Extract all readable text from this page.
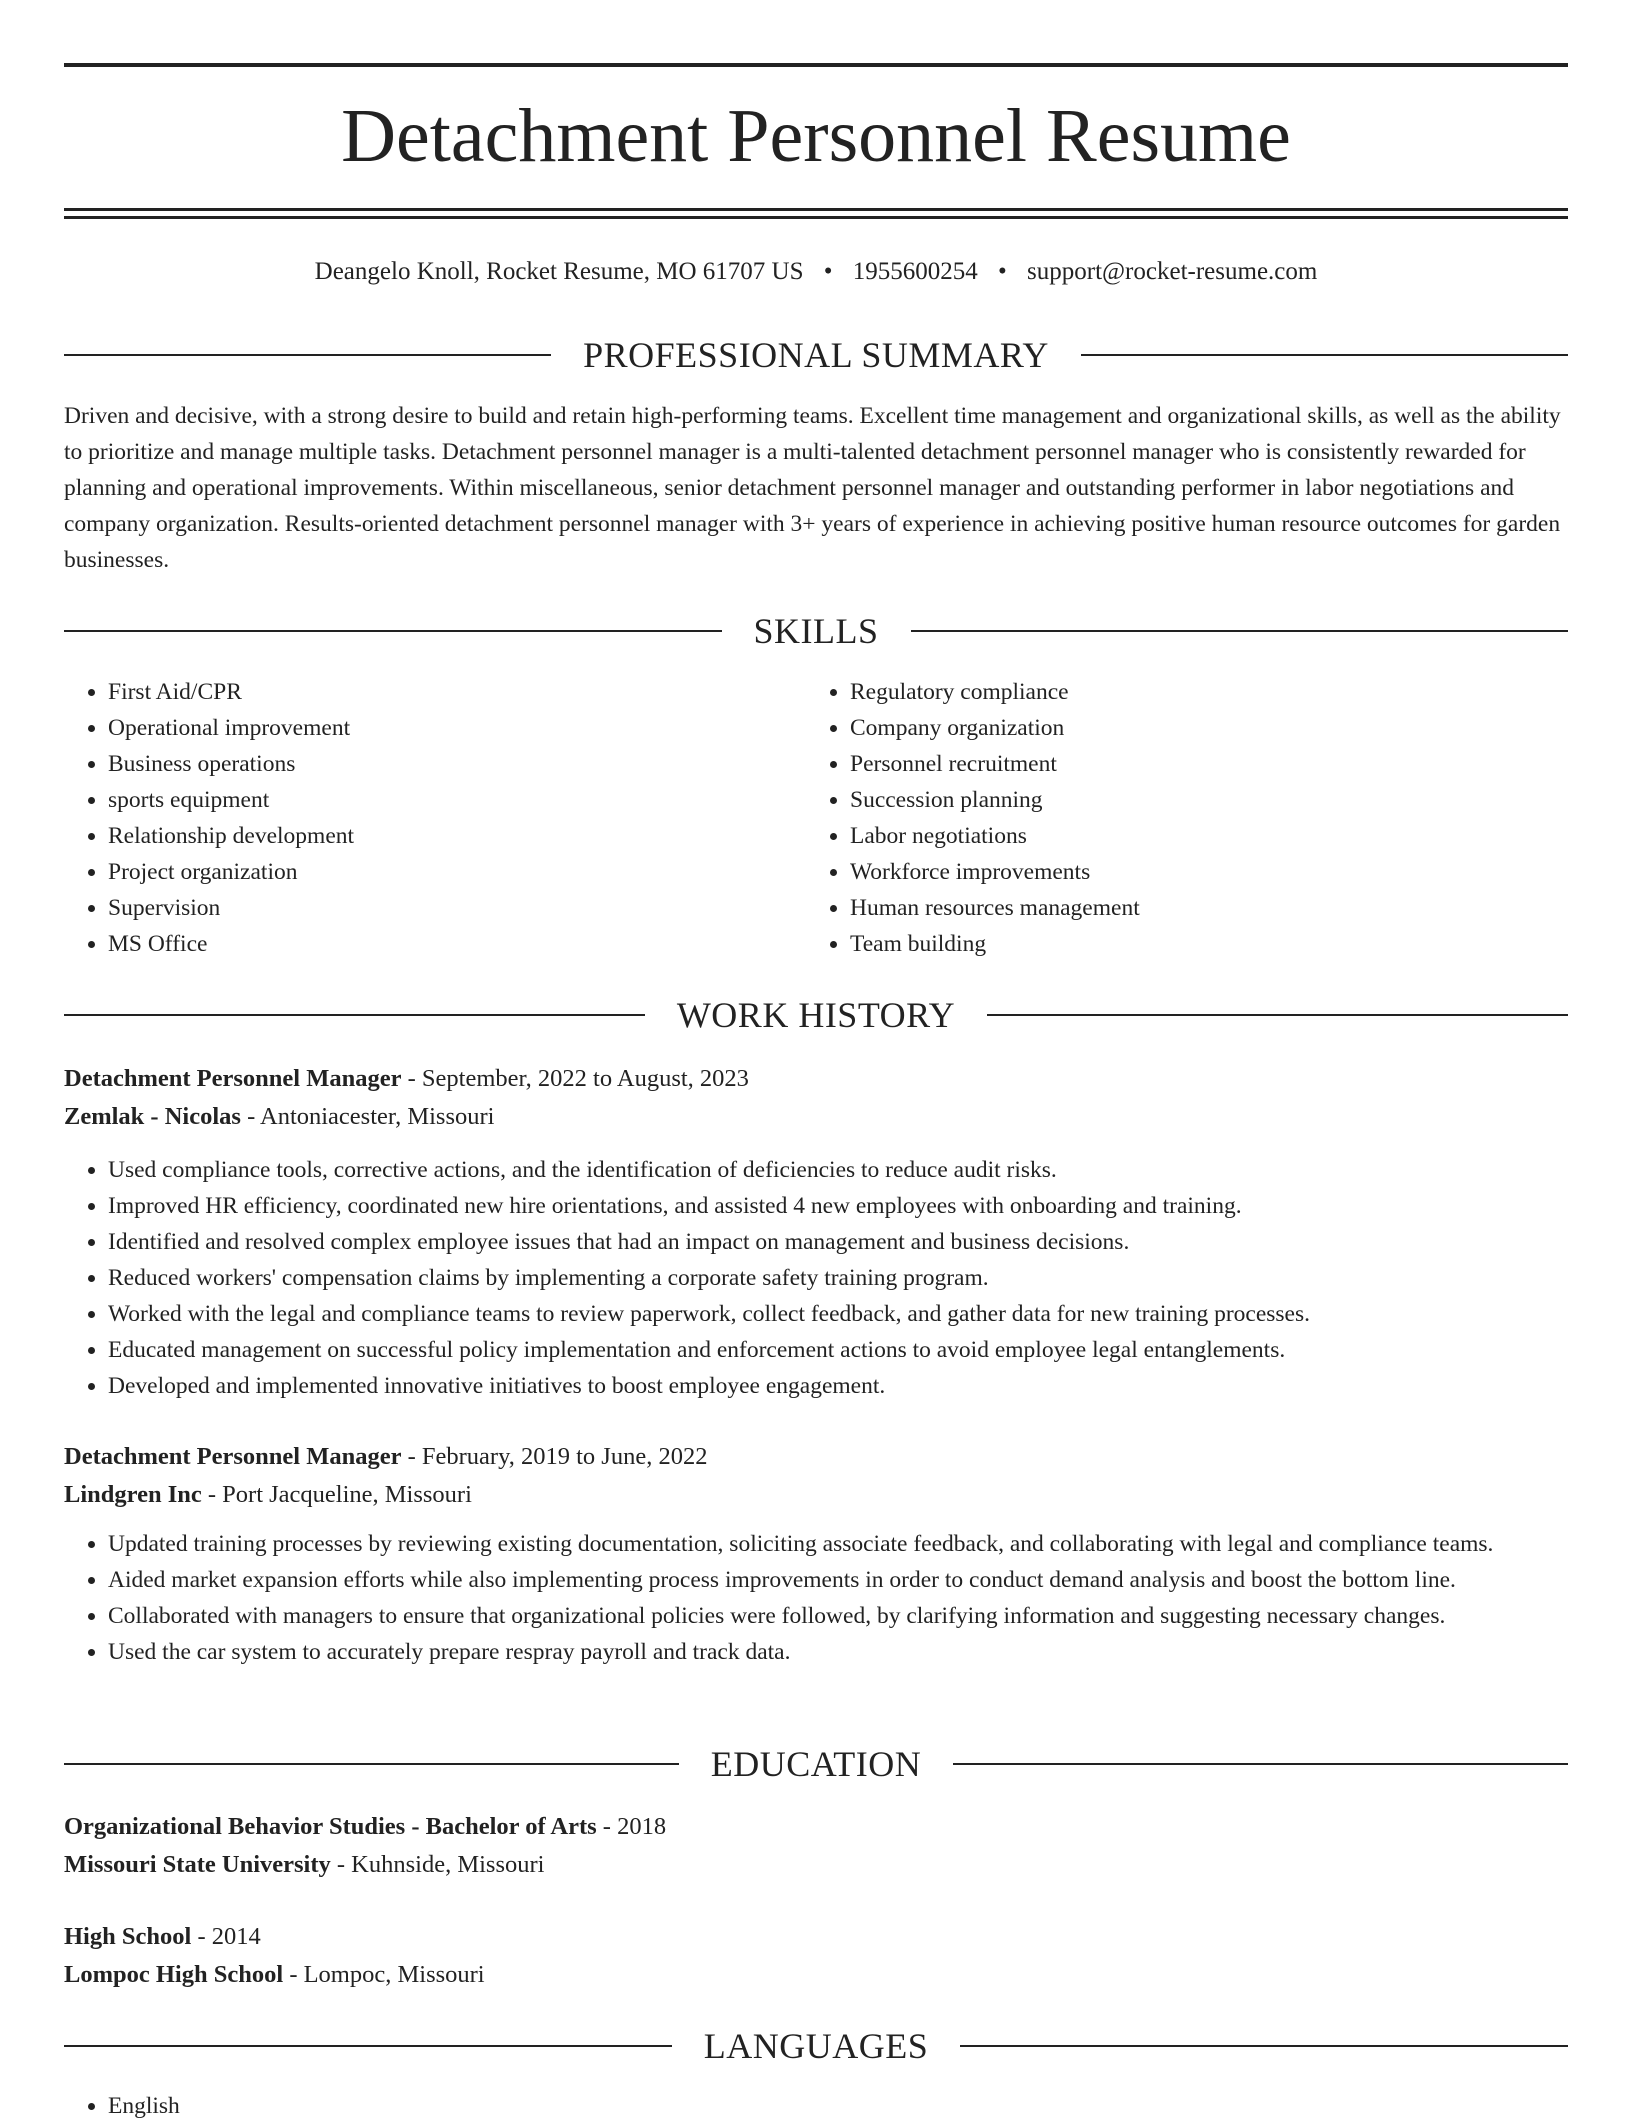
Detachment Personnel Resume
Deangelo Knoll, Rocket Resume, MO 61707 US • 1955600254 • support@rocket-resume.com
PROFESSIONAL SUMMARY
Driven and decisive, with a strong desire to build and retain high-performing teams. Excellent time management and organizational skills, as well as the ability to prioritize and manage multiple tasks. Detachment personnel manager is a multi-talented detachment personnel manager who is consistently rewarded for planning and operational improvements. Within miscellaneous, senior detachment personnel manager and outstanding performer in labor negotiations and company organization. Results-oriented detachment personnel manager with 3+ years of experience in achieving positive human resource outcomes for garden businesses.
SKILLS
• First Aid/CPR
• Operational improvement
• Business operations
• sports equipment
• Relationship development
• Project organization
• Supervision
• MS Office
• Regulatory compliance
• Company organization
• Personnel recruitment
• Succession planning
• Labor negotiations
• Workforce improvements
• Human resources management
• Team building
WORK HISTORY
Detachment Personnel Manager - September, 2022 to August, 2023
Zemlak - Nicolas - Antoniacester, Missouri
• Used compliance tools, corrective actions, and the identification of deficiencies to reduce audit risks.
• Improved HR efficiency, coordinated new hire orientations, and assisted 4 new employees with onboarding and training.
• Identified and resolved complex employee issues that had an impact on management and business decisions.
• Reduced workers' compensation claims by implementing a corporate safety training program.
• Worked with the legal and compliance teams to review paperwork, collect feedback, and gather data for new training processes.
• Educated management on successful policy implementation and enforcement actions to avoid employee legal entanglements.
• Developed and implemented innovative initiatives to boost employee engagement.
Detachment Personnel Manager - February, 2019 to June, 2022
Lindgren Inc - Port Jacqueline, Missouri
• Updated training processes by reviewing existing documentation, soliciting associate feedback, and collaborating with legal and compliance teams.
• Aided market expansion efforts while also implementing process improvements in order to conduct demand analysis and boost the bottom line.
• Collaborated with managers to ensure that organizational policies were followed, by clarifying information and suggesting necessary changes.
• Used the car system to accurately prepare respray payroll and track data.
EDUCATION
Organizational Behavior Studies - Bachelor of Arts - 2018
Missouri State University - Kuhnside, Missouri
High School - 2014
Lompoc High School - Lompoc, Missouri
LANGUAGES
• English
